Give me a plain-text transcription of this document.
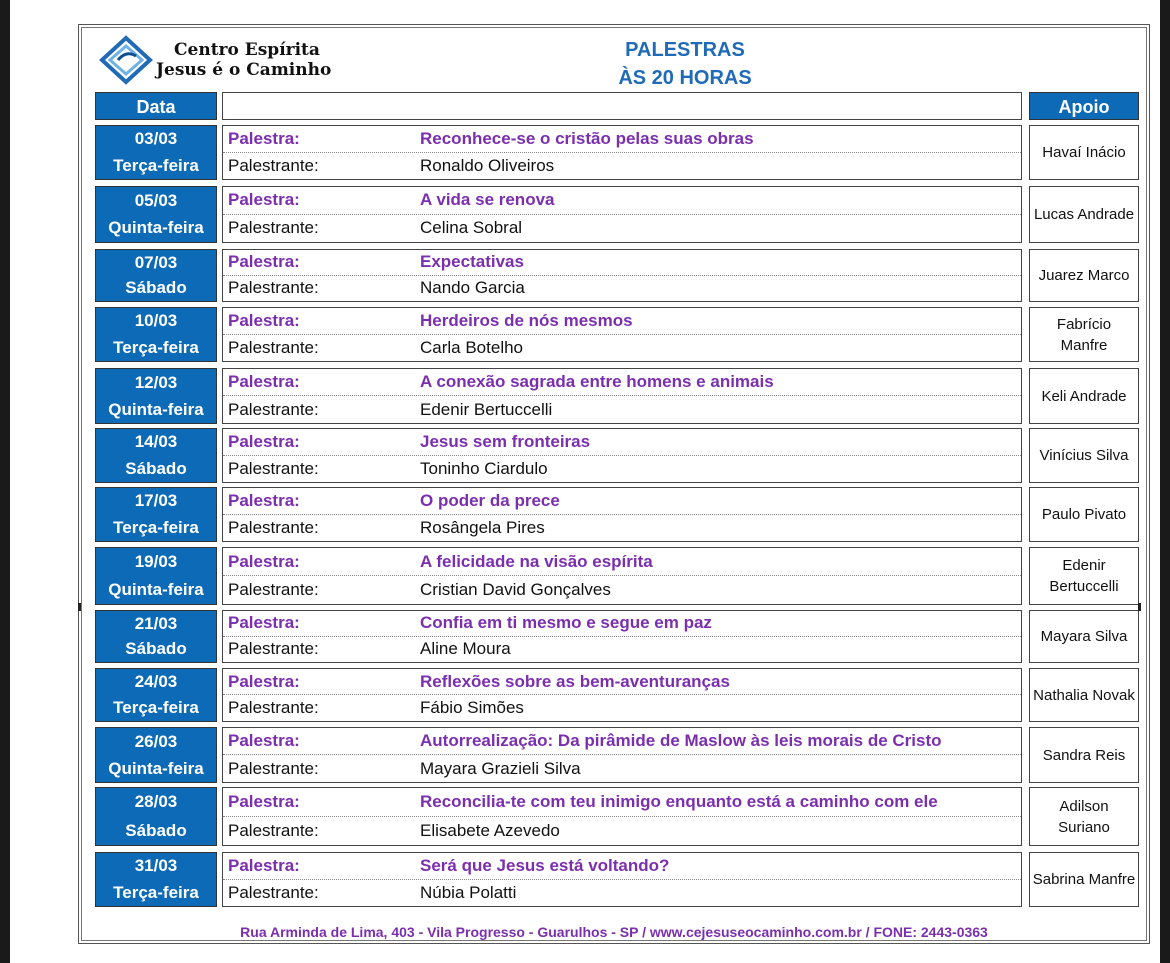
Centro Espírita
Jesus é o Caminho
PALESTRAS
ÀS 20 HORAS
Data	Apoio
03/03
Terça-feira
Palestra:	Reconhece-se o cristão pelas suas obras
Palestrante:	Ronaldo Oliveiros
Havaí Inácio
05/03
Quinta-feira
Palestra:	A vida se renova
Palestrante:	Celina Sobral
Lucas Andrade
07/03
Sábado
Palestra:	Expectativas
Palestrante:	Nando Garcia
Juarez Marco
10/03
Terça-feira
Palestra:	Herdeiros de nós mesmos
Palestrante:	Carla Botelho
Fabrício Manfre
12/03
Quinta-feira
Palestra:	A conexão sagrada entre homens e animais
Palestrante:	Edenir Bertuccelli
Keli Andrade
14/03
Sábado
Palestra:	Jesus sem fronteiras
Palestrante:	Toninho Ciardulo
Vinícius Silva
17/03
Terça-feira
Palestra:	O poder da prece
Palestrante:	Rosângela Pires
Paulo Pivato
19/03
Quinta-feira
Palestra:	A felicidade na visão espírita
Palestrante:	Cristian David Gonçalves
Edenir Bertuccelli
21/03
Sábado
Palestra:	Confia em ti mesmo e segue em paz
Palestrante:	Aline Moura
Mayara Silva
24/03
Terça-feira
Palestra:	Reflexões sobre as bem-aventuranças
Palestrante:	Fábio Simões
Nathalia Novak
26/03
Quinta-feira
Palestra:	Autorrealização: Da pirâmide de Maslow às leis morais de Cristo
Palestrante:	Mayara Grazieli Silva
Sandra Reis
28/03
Sábado
Palestra:	Reconcilia-te com teu inimigo enquanto está a caminho com ele
Palestrante:	Elisabete Azevedo
Adilson Suriano
31/03
Terça-feira
Palestra:	Será que Jesus está voltando?
Palestrante:	Núbia Polatti
Sabrina Manfre
Rua Arminda de Lima, 403 - Vila Progresso - Guarulhos - SP / www.cejesuseocaminho.com.br / FONE: 2443-0363
